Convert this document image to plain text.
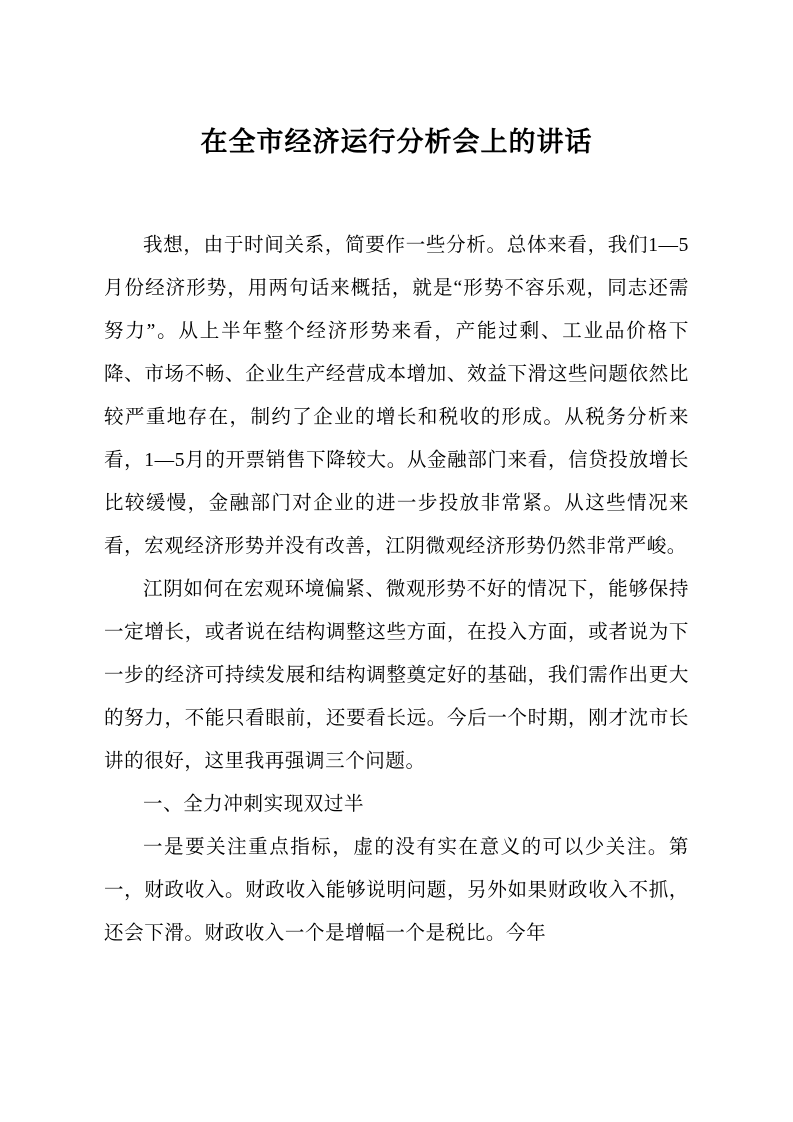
在全市经济运行分析会上的讲话

我想，由于时间关系，简要作一些分析。总体来看，我们1—5月份经济形势，用两句话来概括，就是“形势不容乐观，同志还需努力”。从上半年整个经济形势来看，产能过剩、工业品价格下降、市场不畅、企业生产经营成本增加、效益下滑这些问题依然比较严重地存在，制约了企业的增长和税收的形成。从税务分析来看，1—5月的开票销售下降较大。从金融部门来看，信贷投放增长比较缓慢，金融部门对企业的进一步投放非常紧。从这些情况来看，宏观经济形势并没有改善，江阴微观经济形势仍然非常严峻。

江阴如何在宏观环境偏紧、微观形势不好的情况下，能够保持一定增长，或者说在结构调整这些方面，在投入方面，或者说为下一步的经济可持续发展和结构调整奠定好的基础，我们需作出更大的努力，不能只看眼前，还要看长远。今后一个时期，刚才沈市长讲的很好，这里我再强调三个问题。

一、全力冲刺实现双过半

一是要关注重点指标，虚的没有实在意义的可以少关注。第一，财政收入。财政收入能够说明问题，另外如果财政收入不抓，还会下滑。财政收入一个是增幅一个是税比。今年
